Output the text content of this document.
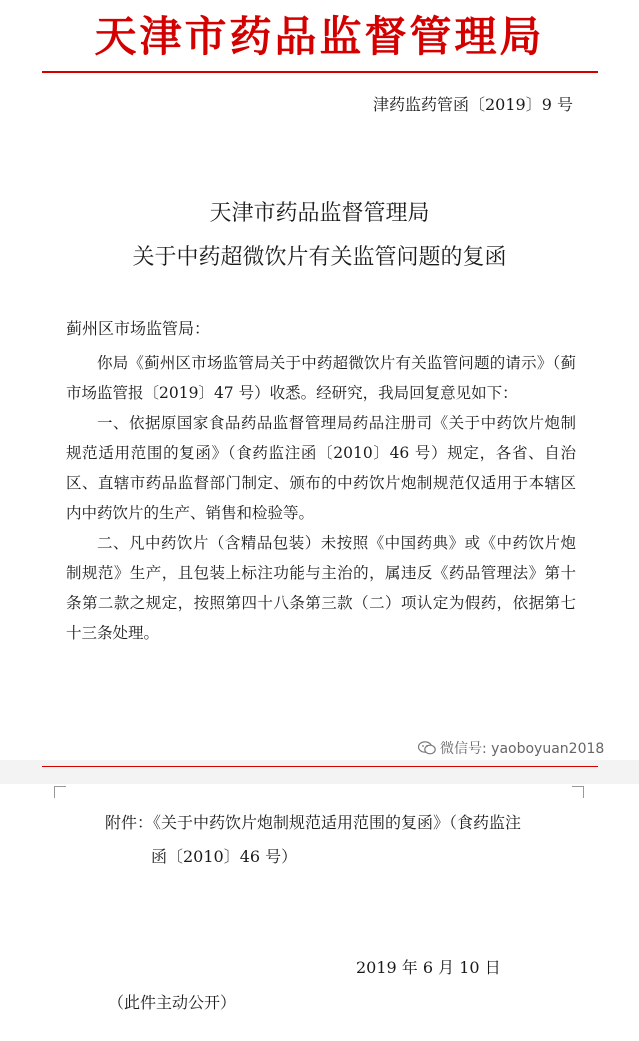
天津市药品监督管理局
津药监药管函〔2019〕9 号
天津市药品监督管理局
关于中药超微饮片有关监管问题的复函
蓟州区市场监管局：

你局《蓟州区市场监管局关于中药超微饮片有关监管问题的请示》（蓟市场监管报〔2019〕47 号）收悉。经研究，我局回复意见如下：

一、依据原国家食品药品监督管理局药品注册司《关于中药饮片炮制规范适用范围的复函》（食药监注函〔2010〕46 号）规定，各省、自治区、直辖市药品监督部门制定、颁布的中药饮片炮制规范仅适用于本辖区内中药饮片的生产、销售和检验等。

二、凡中药饮片（含精品包装）未按照《中国药典》或《中药饮片炮制规范》生产，且包装上标注功能与主治的，属违反《药品管理法》第十条第二款之规定，按照第四十八条第三款（二）项认定为假药，依据第七十三条处理。

微信号: yaoboyuan2018
附件：《关于中药饮片炮制规范适用范围的复函》（食药监注
函〔2010〕46 号）
2019 年 6 月 10 日
（此件主动公开）
